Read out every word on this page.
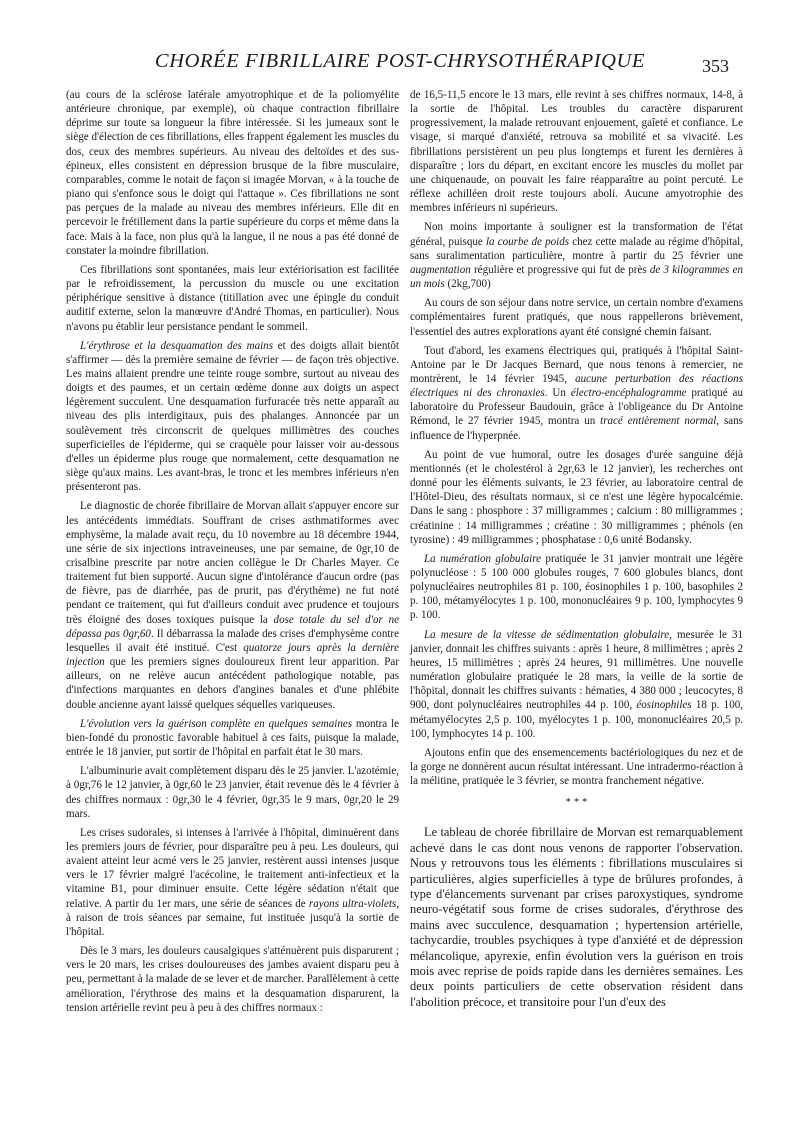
CHORÉE FIBRILLAIRE POST-CHRYSOTHÉRAPIQUE	353

(au cours de la sclérose latérale amyotrophique et de la poliomyélite antérieure chronique, par exemple), où chaque contraction fibrillaire déprime sur toute sa longueur la fibre intéressée. Si les jumeaux sont le siège d'élection de ces fibrillations, elles frappent également les muscles du dos, ceux des membres supérieurs. Au niveau des deltoïdes et des sus-épineux, elles consistent en dépression brusque de la fibre musculaire, comparables, comme le notait de façon si imagée Morvan, « à la touche de piano qui s'enfonce sous le doigt qui l'attaque ». Ces fibrillations ne sont pas perçues de la malade au niveau des membres inférieurs. Elle dit en percevoir le frétillement dans la partie supérieure du corps et même dans la face. Mais à la face, non plus qu'à la langue, il ne nous a pas été donné de constater la moindre fibrillation.

Ces fibrillations sont spontanées, mais leur extériorisation est facilitée par le refroidissement, la percussion du muscle ou une excitation périphérique sensitive à distance (titillation avec une épingle du conduit auditif externe, selon la manœuvre d'André Thomas, en particulier). Nous n'avons pu établir leur persistance pendant le sommeil.

L'érythrose et la desquamation des mains et des doigts allait bientôt s'affirmer — dès la première semaine de février — de façon très objective. Les mains allaient prendre une teinte rouge sombre, surtout au niveau des doigts et des paumes, et un certain œdème donne aux doigts un aspect légèrement succulent. Une desquamation furfuracée très nette apparaît au niveau des plis interdigitaux, puis des phalanges. Annoncée par un soulèvement très circonscrit de quelques millimètres des couches superficielles de l'épiderme, qui se craquèle pour laisser voir au-dessous d'elles un épiderme plus rouge que normalement, cette desquamation ne siège qu'aux mains. Les avant-bras, le tronc et les membres inférieurs n'en présenteront pas.

Le diagnostic de chorée fibrillaire de Morvan allait s'appuyer encore sur les antécédents immédiats. Souffrant de crises asthmatiformes avec emphysème, la malade avait reçu, du 10 novembre au 18 décembre 1944, une série de six injections intraveineuses, une par semaine, de 0gr,10 de crisalbine prescrite par notre ancien collègue le Dr Charles Mayer. Ce traitement fut bien supporté. Aucun signe d'intolérance d'aucun ordre (pas de fièvre, pas de diarrhée, pas de prurit, pas d'érythème) ne fut noté pendant ce traitement, qui fut d'ailleurs conduit avec prudence et toujours très éloigné des doses toxiques puisque la dose totale du sel d'or ne dépassa pas 0gr,60. Il débarrassa la malade des crises d'emphysème contre lesquelles il avait été institué. C'est quatorze jours après la dernière injection que les premiers signes douloureux firent leur apparition. Par ailleurs, on ne relève aucun antécédent pathologique notable, pas d'infections marquantes en dehors d'angines banales et d'une phlébite double ancienne ayant laissé quelques séquelles variqueuses.

L'évolution vers la guérison complète en quelques semaines montra le bien-fondé du pronostic favorable habituel à ces faits, puisque la malade, entrée le 18 janvier, put sortir de l'hôpital en parfait état le 30 mars.

L'albuminurie avait complètement disparu dès le 25 janvier. L'azotémie, à 0gr,76 le 12 janvier, à 0gr,60 le 23 janvier, était revenue dès le 4 février à des chiffres normaux : 0gr,30 le 4 février, 0gr,35 le 9 mars, 0gr,20 le 29 mars.

Les crises sudorales, si intenses à l'arrivée à l'hôpital, diminuèrent dans les premiers jours de février, pour disparaître peu à peu. Les douleurs, qui avaient atteint leur acmé vers le 25 janvier, restèrent aussi intenses jusque vers le 17 février malgré l'acécoline, le traitement anti-infectieux et la vitamine B1, pour diminuer ensuite. Cette légère sédation n'était que relative. A partir du 1er mars, une série de séances de rayons ultra-violets, à raison de trois séances par semaine, fut instituée jusqu'à la sortie de l'hôpital.

Dès le 3 mars, les douleurs causalgiques s'atténuèrent puis disparurent ; vers le 20 mars, les crises douloureuses des jambes avaient disparu peu à peu, permettant à la malade de se lever et de marcher. Parallèlement à cette amélioration, l'érythrose des mains et la desquamation disparurent, la tension artérielle revint peu à peu à des chiffres normaux :

de 16,5-11,5 encore le 13 mars, elle revint à ses chiffres normaux, 14-8, à la sortie de l'hôpital. Les troubles du caractère disparurent progressivement, la malade retrouvant enjouement, gaîeté et confiance. Le visage, si marqué d'anxiété, retrouva sa mobilité et sa vivacité. Les fibrillations persistèrent un peu plus longtemps et furent les dernières à disparaître ; lors du départ, en excitant encore les muscles du mollet par une chiquenaude, on pouvait les faire réapparaître au point percuté. Le réflexe achilléen droit reste toujours aboli. Aucune amyotrophie des membres inférieurs ni supérieurs.

Non moins importante à souligner est la transformation de l'état général, puisque la courbe de poids chez cette malade au régime d'hôpital, sans suralimentation particulière, montre à partir du 25 février une augmentation régulière et progressive qui fut de près de 3 kilogrammes en un mois (2kg,700)

Au cours de son séjour dans notre service, un certain nombre d'examens complémentaires furent pratiqués, que nous rappellerons brièvement, l'essentiel des autres explorations ayant été consigné chemin faisant.

Tout d'abord, les examens électriques qui, pratiqués à l'hôpital Saint-Antoine par le Dr Jacques Bernard, que nous tenons à remercier, ne montrèrent, le 14 février 1945, aucune perturbation des réactions électriques ni des chronaxies. Un électro-encéphalogramme pratiqué au laboratoire du Professeur Baudouin, grâce à l'obligeance du Dr Antoine Rémond, le 27 février 1945, montra un tracé entièrement normal, sans influence de l'hyperpnée.

Au point de vue humoral, outre les dosages d'urée sanguine déjà mentionnés (et le cholestérol à 2gr,63 le 12 janvier), les recherches ont donné pour les éléments suivants, le 23 février, au laboratoire central de l'Hôtel-Dieu, des résultats normaux, si ce n'est une légère hypocalcémie. Dans le sang : phosphore : 37 milligrammes ; calcium : 80 milligrammes ; créatinine : 14 milligrammes ; créatine : 30 milligrammes ; phénols (en tyrosine) : 49 milligrammes ; phosphatase : 0,6 unité Bodansky.

La numération globulaire pratiquée le 31 janvier montrait une légère polynucléose : 5 100 000 globules rouges, 7 600 globules blancs, dont polynucléaires neutrophiles 81 p. 100, éosinophiles 1 p. 100, basophiles 2 p. 100, métamyélocytes 1 p. 100, mononucléaires 9 p. 100, lymphocytes 9 p. 100.

La mesure de la vitesse de sédimentation globulaire, mesurée le 31 janvier, donnait les chiffres suivants : après 1 heure, 8 millimètres ; après 2 heures, 15 millimètres ; après 24 heures, 91 millimètres. Une nouvelle numération globulaire pratiquée le 28 mars, la veille de la sortie de l'hôpital, donnait les chiffres suivants : hématies, 4 380 000 ; leucocytes, 8 900, dont polynucléaires neutrophiles 44 p. 100, éosinophiles 18 p. 100, métamyélocytes 2,5 p. 100, myélocytes 1 p. 100, mononucléaires 20,5 p. 100, lymphocytes 14 p. 100.

Ajoutons enfin que des ensemencements bactériologiques du nez et de la gorge ne donnèrent aucun résultat intéressant. Une intradermo-réaction à la mélitine, pratiquée le 3 février, se montra franchement négative.

* * *

Le tableau de chorée fibrillaire de Morvan est remarquablement achevé dans le cas dont nous venons de rapporter l'observation. Nous y retrouvons tous les éléments : fibrillations musculaires si particulières, algies superficielles à type de brûlures profondes, à type d'élancements survenant par crises paroxystiques, syndrome neuro-végétatif sous forme de crises sudorales, d'érythrose des mains avec succulence, desquamation ; hypertension artérielle, tachycardie, troubles psychiques à type d'anxiété et de dépression mélancolique, apyrexie, enfin évolution vers la guérison en trois mois avec reprise de poids rapide dans les dernières semaines. Les deux points particuliers de cette observation résident dans l'abolition précoce, et transitoire pour l'un d'eux des
